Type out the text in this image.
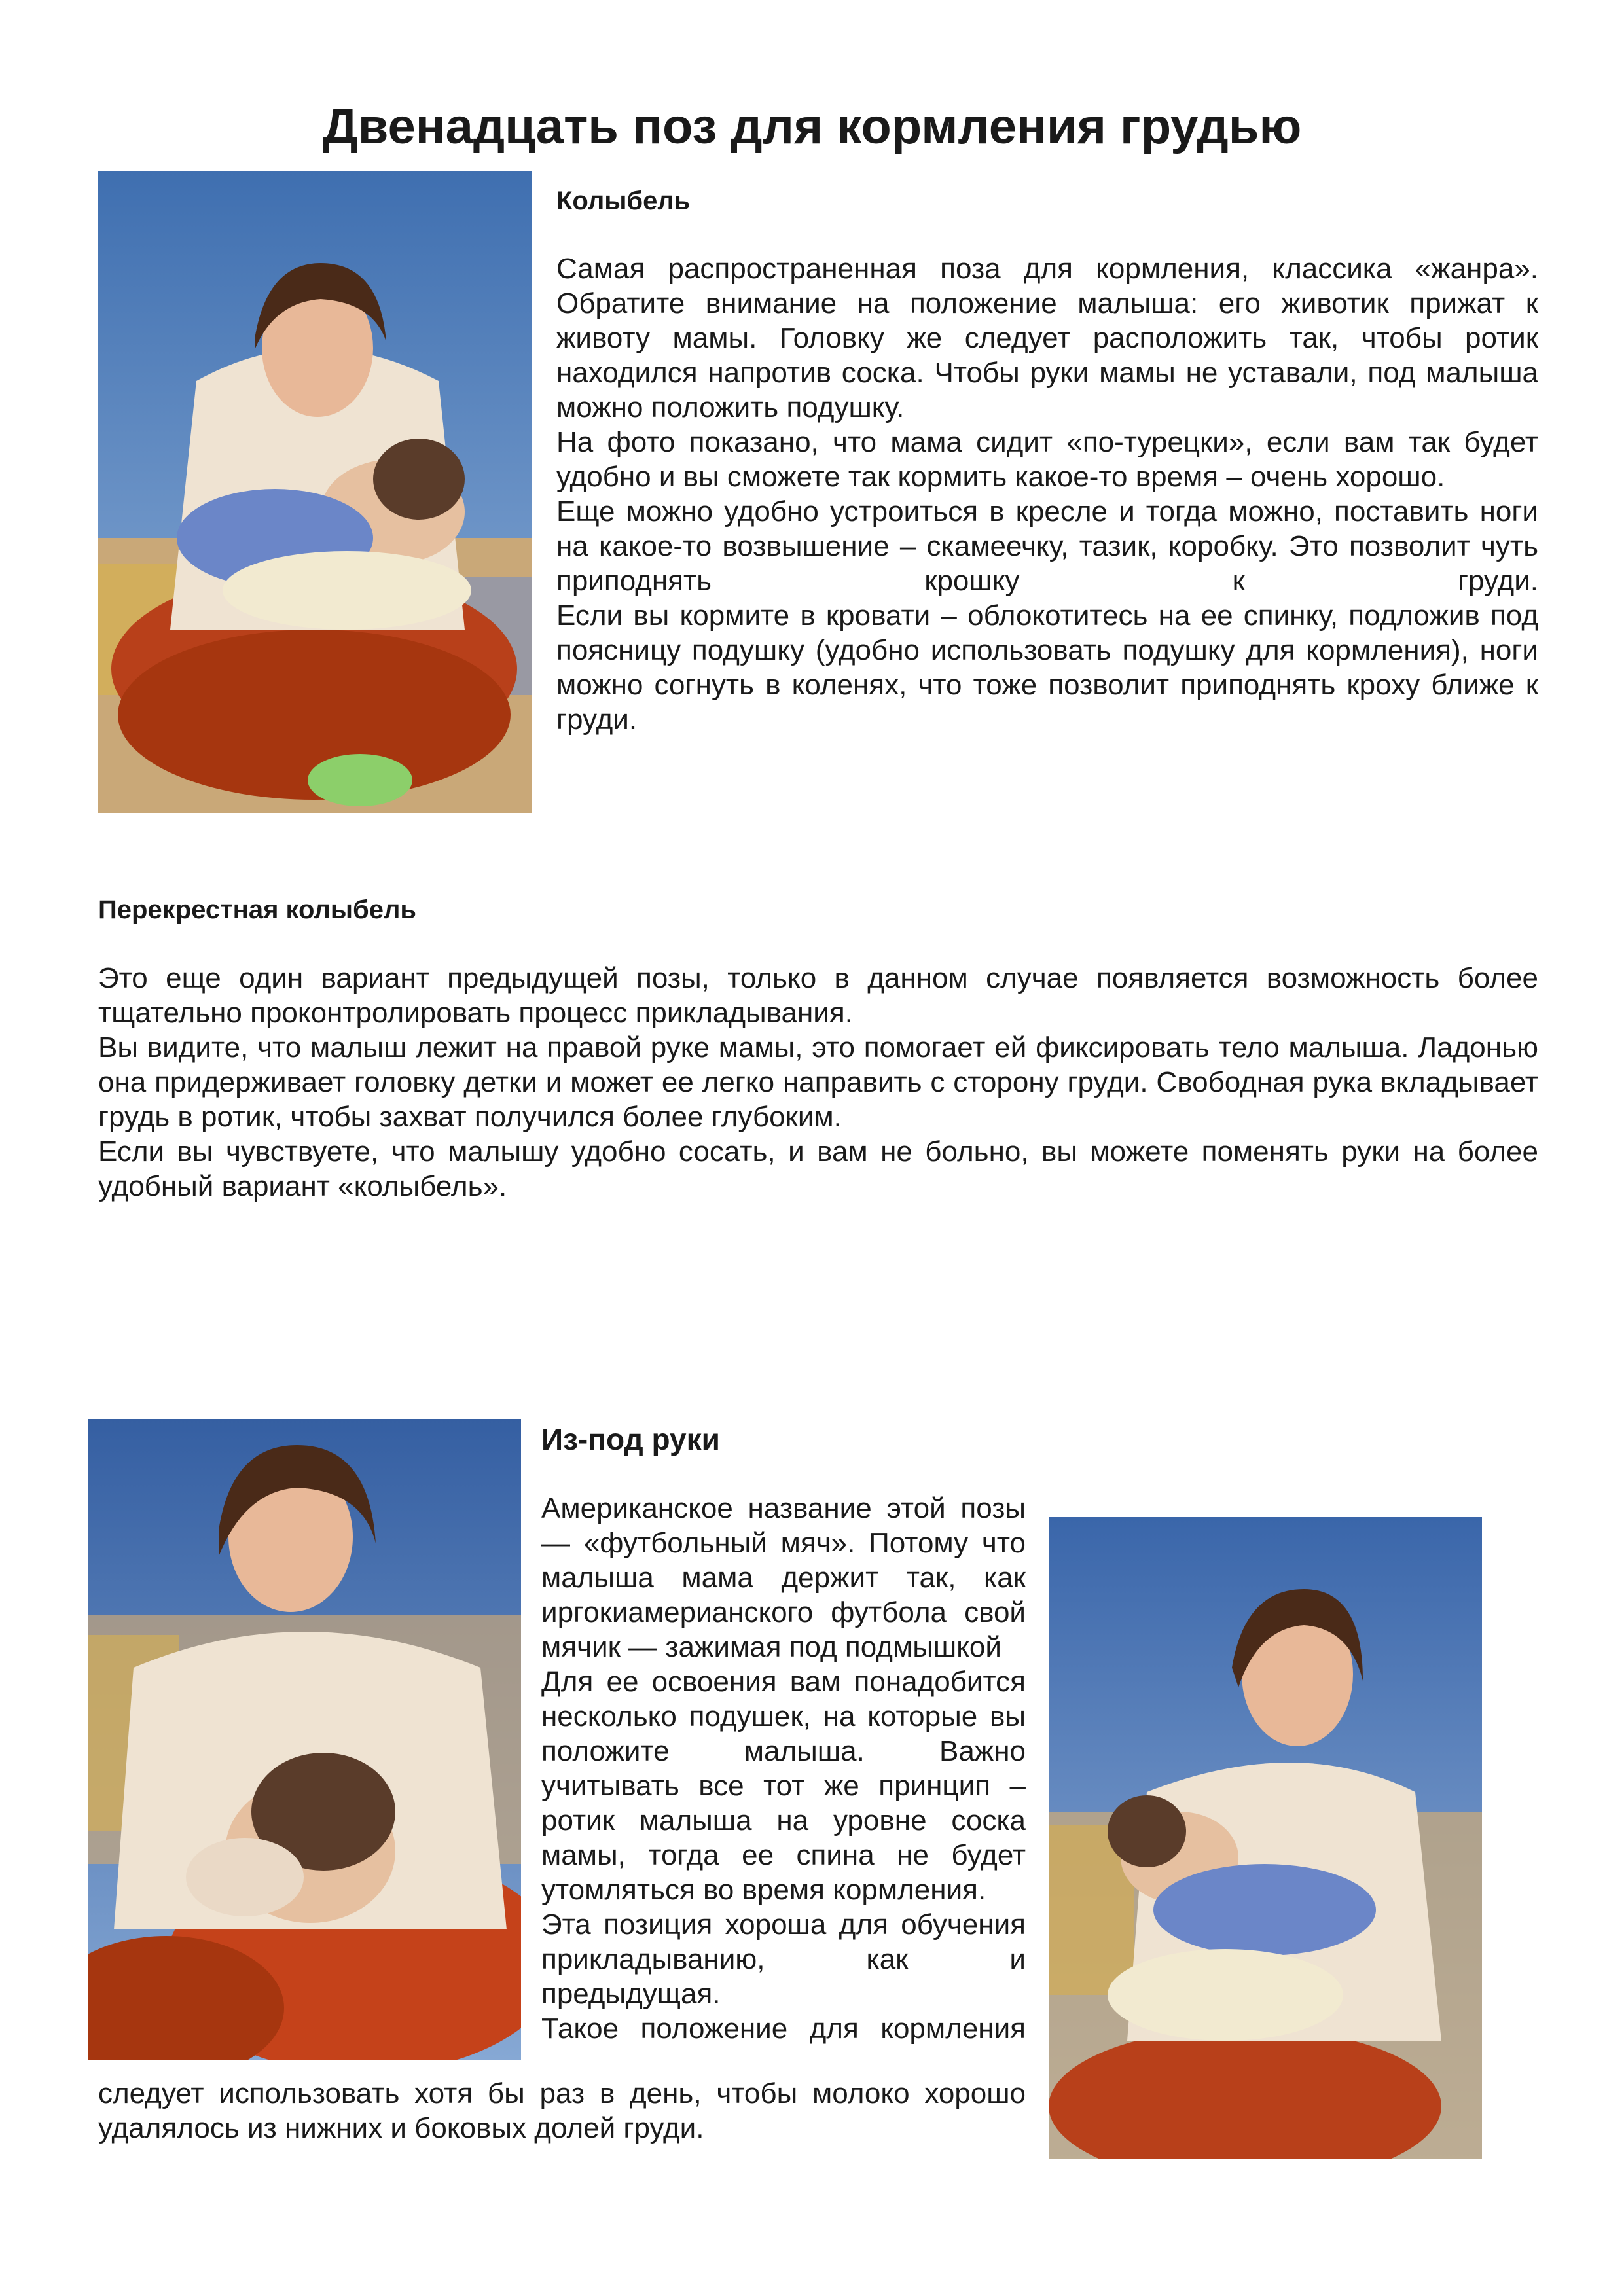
Двенадцать поз для кормления грудью
Колыбель

Самая распространенная поза для кормления, классика «жанра». Обратите внимание на положение малыша: его животик прижат к животу мамы. Головку же следует расположить так, чтобы ротик находился напротив соска. Чтобы руки мамы не уставали, под малыша можно положить подушку.

На фото показано, что мама сидит «по-турецки», если вам так будет удобно и вы сможете так кормить какое-то время – очень хорошо.

Еще можно удобно устроиться в кресле и тогда можно, поставить ноги на какое-то возвышение – скамеечку, тазик, коробку. Это позволит чуть приподнять крошку к груди.

Если вы кормите в кровати – облокотитесь на ее спинку, подложив под поясницу подушку (удобно использовать подушку для кормления), ноги можно согнуть в коленях, что тоже позволит приподнять кроху ближе к груди.

Перекрестная колыбель

Это еще один вариант предыдущей позы, только в данном случае появляется возможность более тщательно проконтролировать процесс прикладывания.

Вы видите, что малыш лежит на правой руке мамы, это помогает ей фиксировать тело малыша. Ладонью она придерживает головку детки и может ее легко направить с сторону груди. Свободная рука вкладывает грудь в ротик, чтобы захват получился более глубоким.

Если вы чувствуете, что малышу удобно сосать, и вам не больно, вы можете поменять руки на более удобный вариант «колыбель».

Из-под руки

Американское название этой позы — «футбольный мяч». Потому что малыша мама держит так, как иргокиамерианского футбола свой мячик — зажимая под подмышкой

Для ее освоения вам понадобится несколько подушек, на которые вы положите малыша. Важно учитывать все тот же принцип – ротик малыша на уровне соска мамы, тогда ее спина не будет утомляться во время кормления.

Эта позиция хороша для обучения прикладыванию, как и предыдущая.

Такое положение для кормления

следует использовать хотя бы раз в день, чтобы молоко хорошо удалялось из нижних и боковых долей груди.
